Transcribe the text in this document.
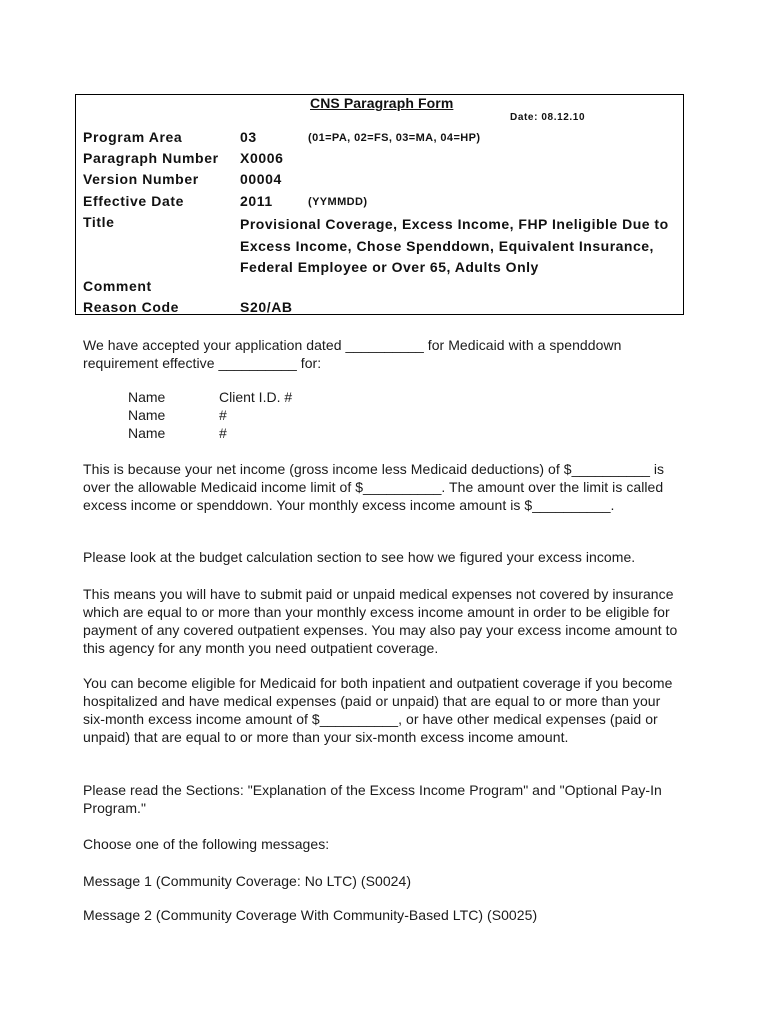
CNS Paragraph Form
Date: 08.12.10
Program Area	03	(01=PA, 02=FS, 03=MA, 04=HP)
Paragraph Number X0006
Version Number	00004
Effective Date	2011	(YYMMDD)
Title	Provisional Coverage, Excess Income, FHP Ineligible Due to Excess Income, Chose Spenddown, Equivalent Insurance, Federal Employee or Over 65, Adults Only
Comment
Reason Code	S20/AB
We have accepted your application dated __________ for Medicaid with a spenddown requirement effective __________ for:
Name	Client I.D. #
Name	#
Name	#
This is because your net income (gross income less Medicaid deductions) of $__________ is over the allowable Medicaid income limit of $__________. The amount over the limit is called excess income or spenddown. Your monthly excess income amount is $__________.
Please look at the budget calculation section to see how we figured your excess income.
This means you will have to submit paid or unpaid medical expenses not covered by insurance which are equal to or more than your monthly excess income amount in order to be eligible for payment of any covered outpatient expenses. You may also pay your excess income amount to this agency for any month you need outpatient coverage.
You can become eligible for Medicaid for both inpatient and outpatient coverage if you become hospitalized and have medical expenses (paid or unpaid) that are equal to or more than your six-month excess income amount of $__________, or have other medical expenses (paid or unpaid) that are equal to or more than your six-month excess income amount.
Please read the Sections: "Explanation of the Excess Income Program" and "Optional Pay-In Program."
Choose one of the following messages:
Message 1 (Community Coverage: No LTC) (S0024)
Message 2 (Community Coverage With Community-Based LTC) (S0025)
